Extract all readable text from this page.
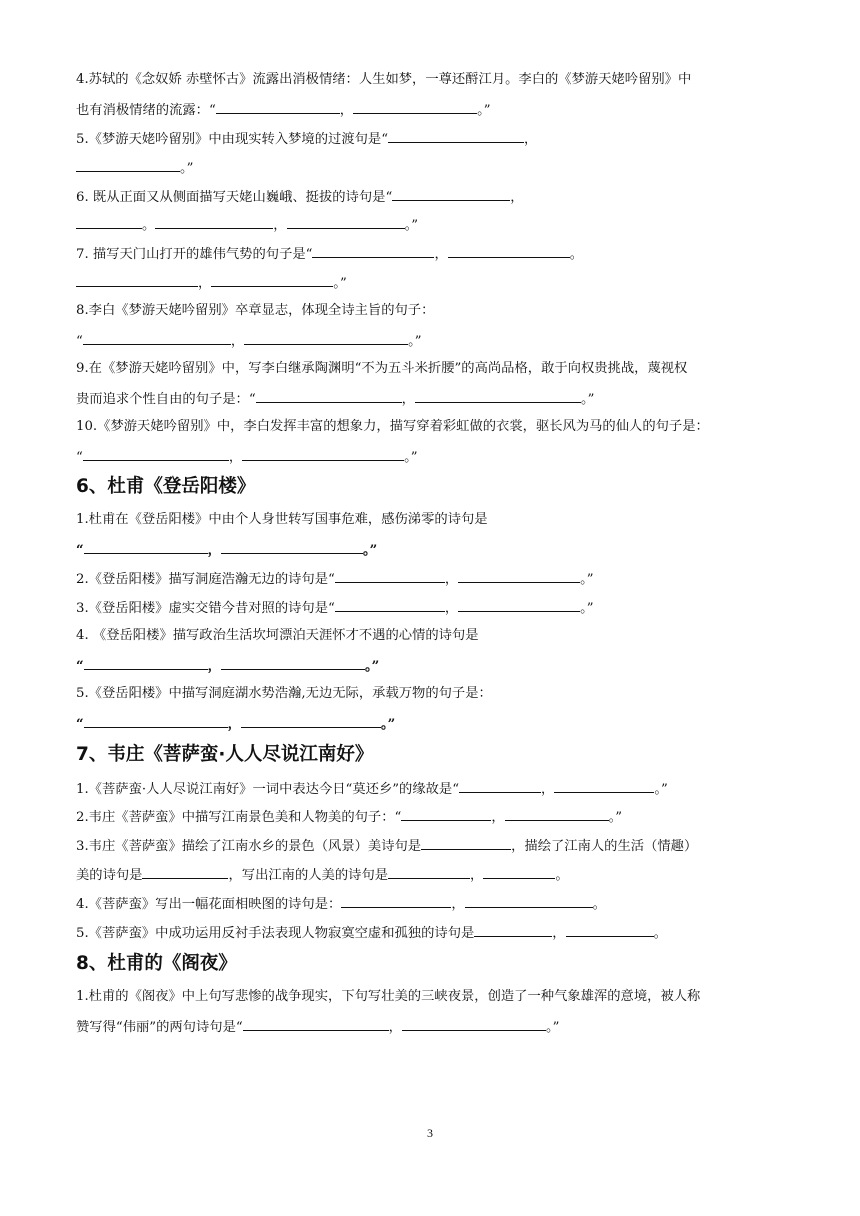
4.苏轼的《念奴娇 赤壁怀古》流露出消极情绪：人生如梦，一尊还酹江月。李白的《梦游天姥吟留别》中
也有消极情绪的流露：“	，	。”
5.《梦游天姥吟留别》中由现实转入梦境的过渡句是“	，
。”
6. 既从正面又从侧面描写天姥山巍峨、挺拔的诗句是“	，
。	，	。”
7. 描写天门山打开的雄伟气势的句子是“	，	。
，	。”
8.李白《梦游天姥吟留别》卒章显志，体现全诗主旨的句子：
“	，	。”
9.在《梦游天姥吟留别》中，写李白继承陶渊明“不为五斗米折腰”的高尚品格，敢于向权贵挑战，蔑视权
贵而追求个性自由的句子是：“	，	。”
10.《梦游天姥吟留别》中，李白发挥丰富的想象力，描写穿着彩虹做的衣裳，驱长风为马的仙人的句子是：
“	，	。”
6、杜甫《登岳阳楼》
1.杜甫在《登岳阳楼》中由个人身世转写国事危难，感伤涕零的诗句是
“	，	。”
2.《登岳阳楼》描写洞庭浩瀚无边的诗句是“	，	。”
3.《登岳阳楼》虚实交错今昔对照的诗句是“	，	。”
4. 《登岳阳楼》描写政治生活坎坷漂泊天涯怀才不遇的心情的诗句是
“	，	。”
5.《登岳阳楼》中描写洞庭湖水势浩瀚,无边无际，承载万物的句子是：
“	，	。”
7、韦庄《菩萨蛮·人人尽说江南好》
1.《菩萨蛮·人人尽说江南好》一词中表达今日“莫还乡”的缘故是“	，	。”
2.韦庄《菩萨蛮》中描写江南景色美和人物美的句子：“	，	。”
3.韦庄《菩萨蛮》描绘了江南水乡的景色（风景）美诗句是	，描绘了江南人的生活（情趣）
美的诗句是	，写出江南的人美的诗句是	，	。
4.《菩萨蛮》写出一幅花面相映图的诗句是：	，	。
5.《菩萨蛮》中成功运用反衬手法表现人物寂寞空虚和孤独的诗句是	，	。
8、杜甫的《阁夜》
1.杜甫的《阁夜》中上句写悲惨的战争现实，下句写壮美的三峡夜景，创造了一种气象雄浑的意境，被人称
赞写得“伟丽”的两句诗句是“	，	。”
3
